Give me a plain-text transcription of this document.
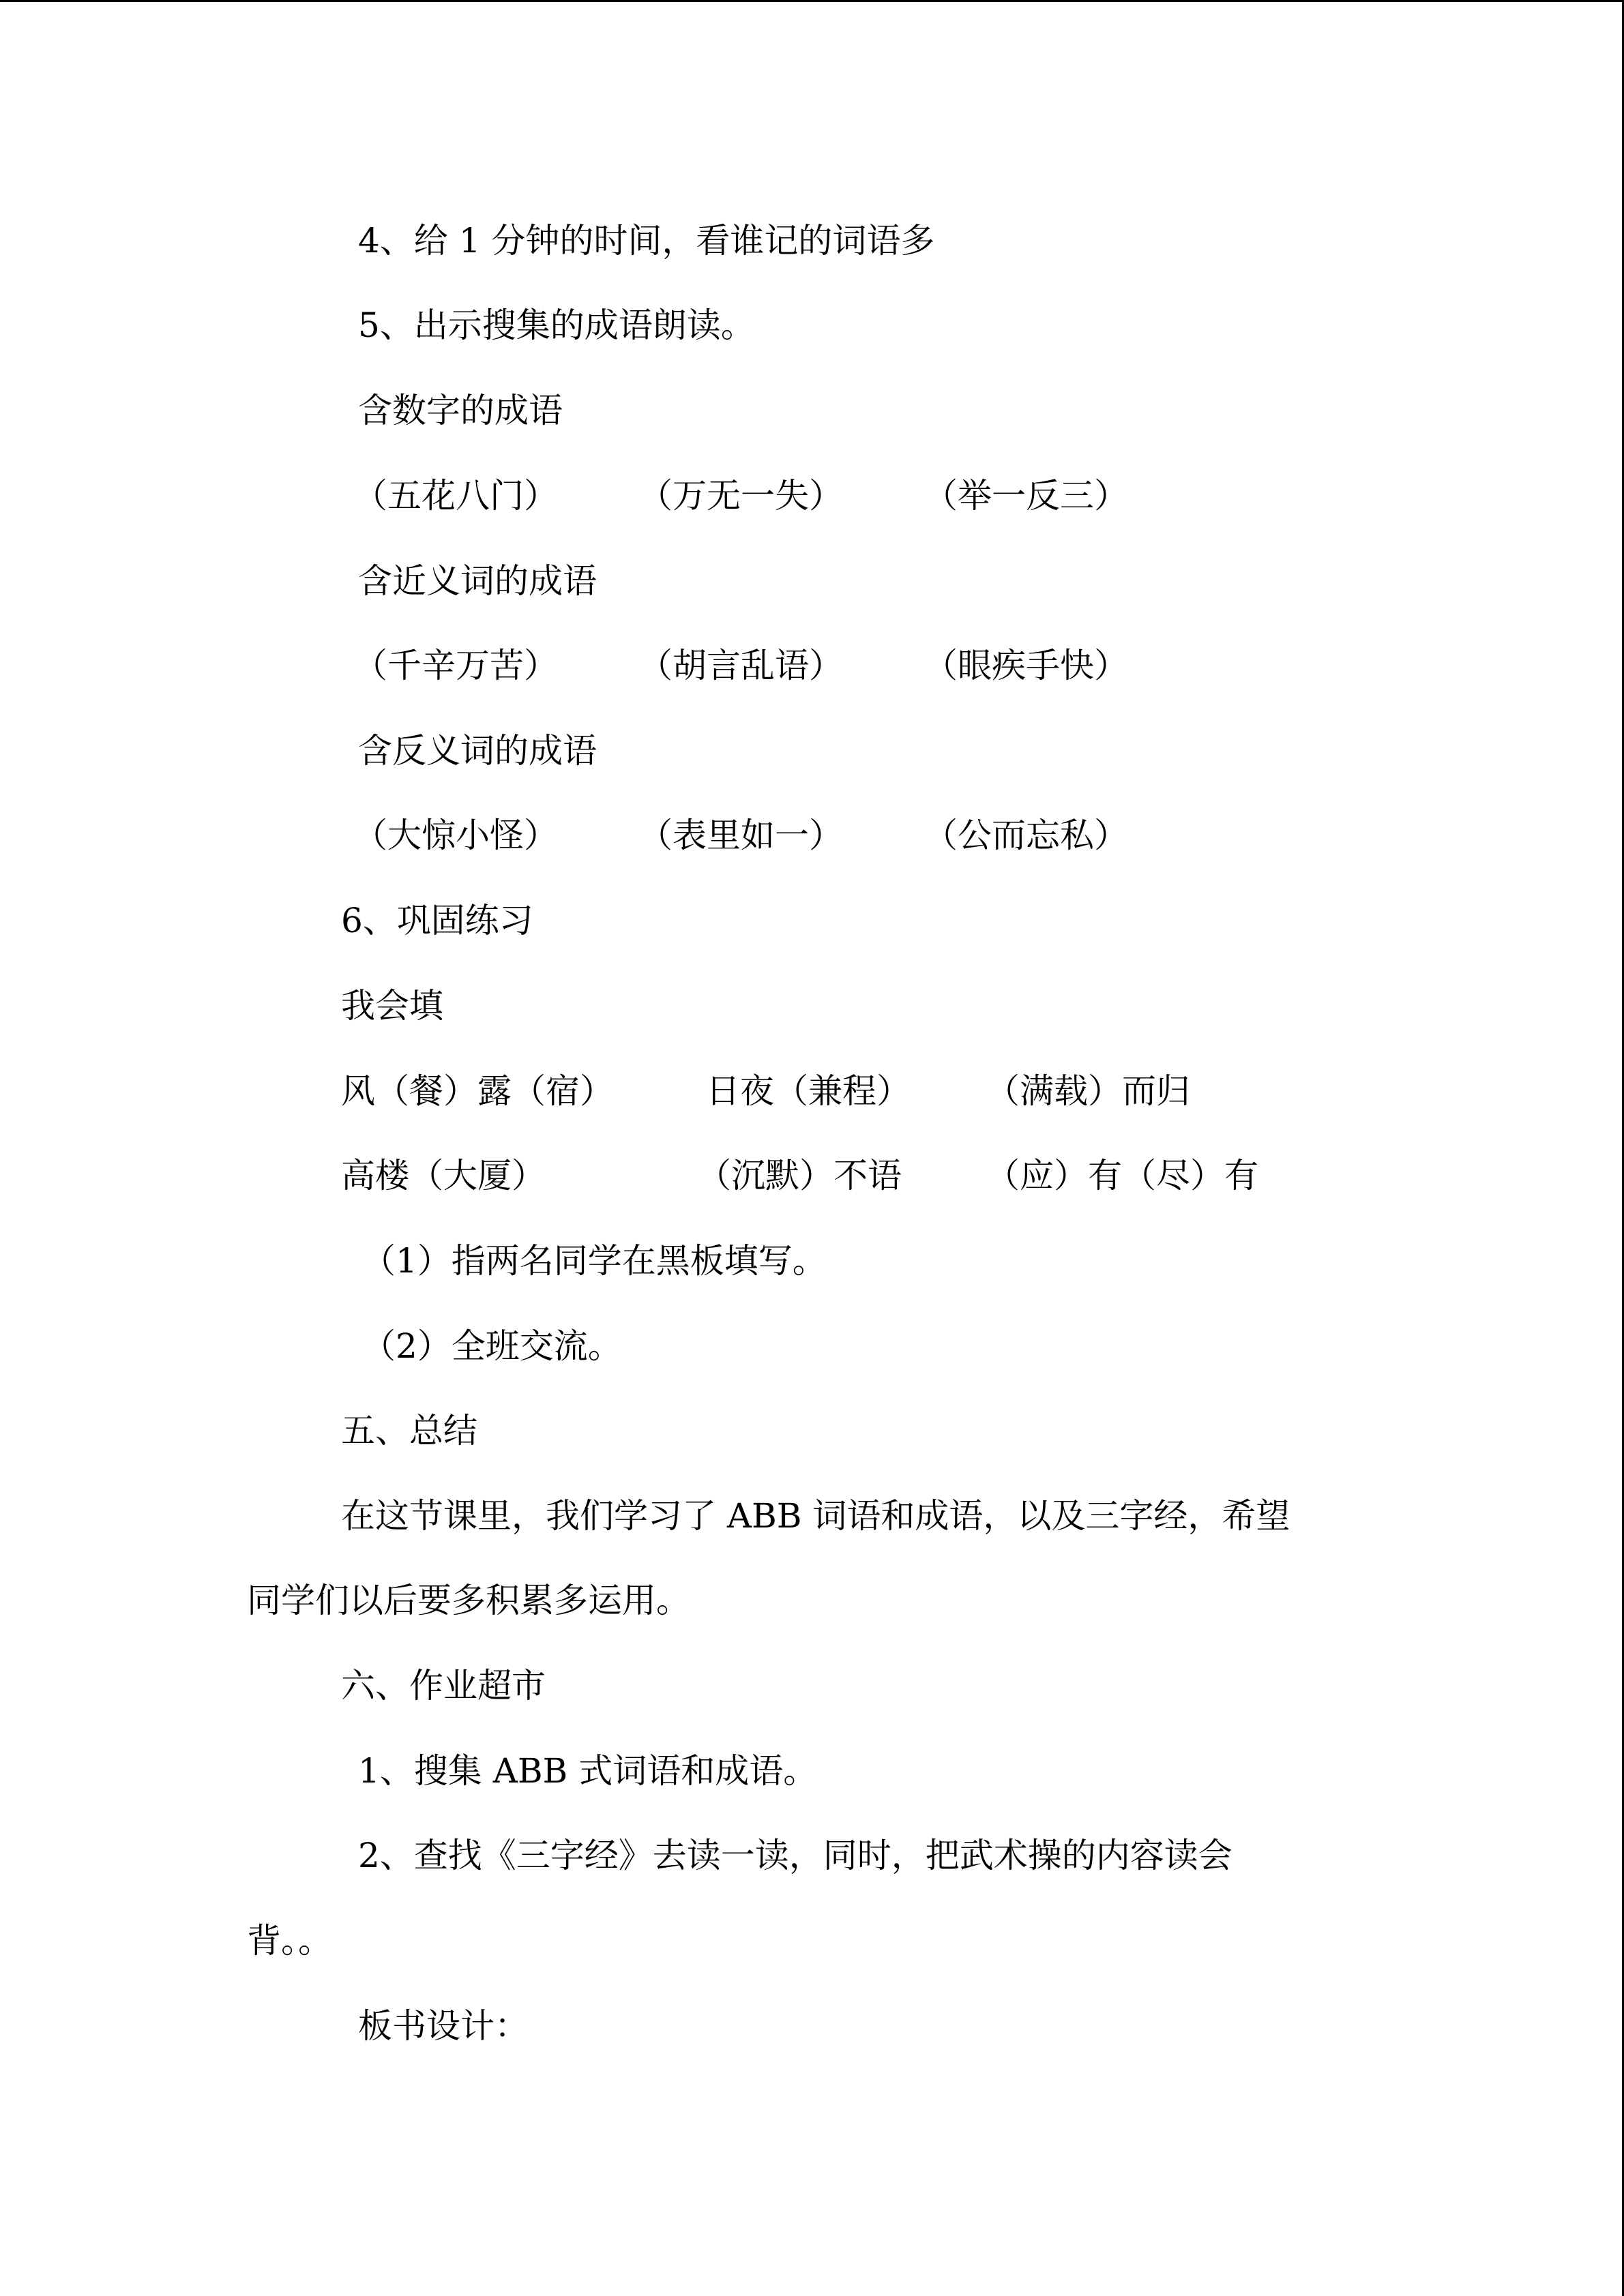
4、给 1 分钟的时间，看谁记的词语多

5、出示搜集的成语朗读。

含数字的成语

（五花八门）

（万无一失）

（举一反三）

含近义词的成语

（千辛万苦）

（胡言乱语）

（眼疾手快）

含反义词的成语

（大惊小怪）

（表里如一）

（公而忘私）

6、巩固练习

我会填

风（餐）露（宿）

	日夜（兼程）

（满载）而归

高楼（大厦）

	（沉默）不语

（应）有（尽）有

（1）指两名同学在黑板填写。

（2）全班交流。

五、总结

在这节课里，我们学习了 ABB 词语和成语，以及三字经，希望

同学们以后要多积累多运用。

六、作业超市

1、搜集 ABB 式词语和成语。

2、查找《三字经》去读一读，同时，把武术操的内容读会

背。。

板书设计：
